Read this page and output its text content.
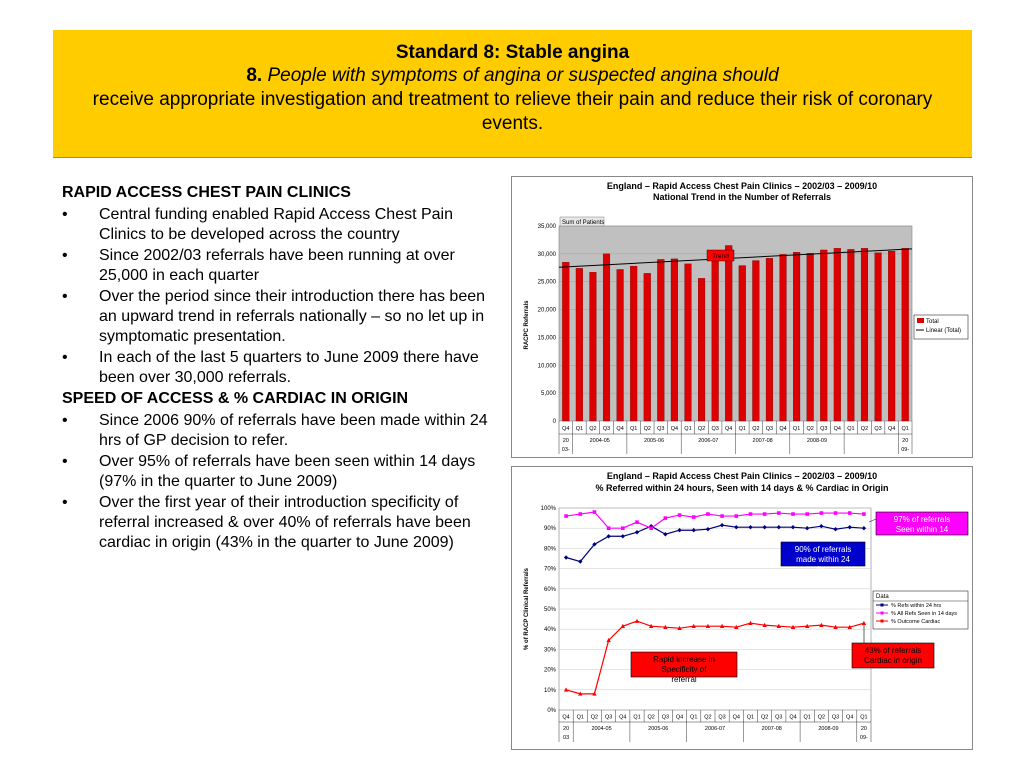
Standard 8: Stable angina
8. People with symptoms of angina or suspected angina should
receive appropriate investigation and treatment to relieve their pain and reduce their risk of coronary events.
RAPID ACCESS CHEST PAIN CLINICS
• Central funding enabled Rapid Access Chest Pain Clinics to be developed across the country
• Since 2002/03 referrals have been running at over 25,000 in each quarter
• Over the period since their introduction there has been an upward trend in referrals nationally – so no let up in symptomatic presentation.
• In each of the last 5 quarters to June 2009 there have been over 30,000 referrals.
SPEED OF ACCESS & % CARDIAC IN ORIGIN
• Since 2006 90% of referrals have been made within 24 hrs of GP decision to refer.
• Over 95% of referrals have been seen within 14 days (97% in the quarter to June 2009)
• Over the first year of their introduction specificity of referral increased & over 40% of referrals have been cardiac in origin (43% in the quarter to June 2009)
England – Rapid Access Chest Pain Clinics – 2002/03 – 2009/10
National Trend in the Number of Referrals
Sum of Patients
0
5,000
10,000
15,000
20,000
25,000
30,000
35,000
RACPC Referrals
Trend
Q4 Q1 Q2 Q3 Q4 Q1 Q2 Q3 Q4 Q1 Q2 Q3 Q4 Q1 Q2 Q3 Q4 Q1 Q2 Q3 Q4 Q1 Q2 Q3 Q4 Q1
20
03-
2004-05	2005-06	2006-07	2007-08	2008-09	20
09-
Total
Linear (Total)
England – Rapid Access Chest Pain Clinics – 2002/03 – 2009/10
% Referred within 24 hours, Seen with 14 days & % Cardiac in Origin
0%
10%
20%
30%
40%
50%
60%
70%
80%
90%
100%
% of RACP Clinical Referrals
Q4 Q1 Q2 Q3 Q4 Q1 Q2 Q3 Q4 Q1 Q2 Q3 Q4 Q1 Q2 Q3 Q4 Q1 Q2 Q3 Q4 Q1
20
03
2004-05	2005-06	2006-07	2007-08	2008-09	20
09-
Data
% Refs within 24 hrs
% All Refs Seen in 14 days
% Outcome Cardiac
97% of referrals
Seen within 14
days
90% of referrals
made within 24
hrs
43% of referrals
Cardiac in origin
Rapid increase in
Specificity of
referral
